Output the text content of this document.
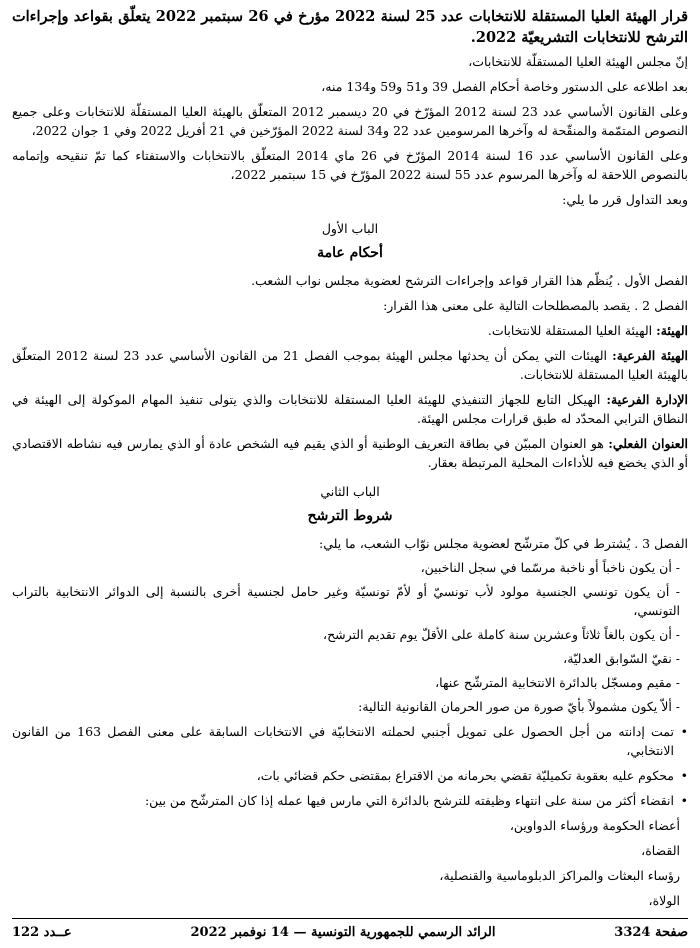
قرار الهيئة العليا المستقلة للانتخابات عدد 25 لسنة 2022 مؤرخ في 26 سبتمبر 2022 يتعلّق بقواعد وإجراءات الترشح للانتخابات التشريعيّة 2022.

إنّ مجلس الهيئة العليا المستقلّة للانتخابات،

بعد اطلاعه على الدستور وخاصة أحكام الفصل 39 و51 و59 و134 منه،

وعلى القانون الأساسي عدد 23 لسنة 2012 المؤرّخ في 20 ديسمبر 2012 المتعلّق بالهيئة العليا المستقلّة للانتخابات وعلى جميع النصوص المتمّمة والمنقّحة له وآخرها المرسومين عدد 22 و34 لسنة 2022 المؤرّخين في 21 أفريل 2022 وفي 1 جوان 2022،

وعلى القانون الأساسي عدد 16 لسنة 2014 المؤرّخ في 26 ماي 2014 المتعلّق بالانتخابات والاستفتاء كما تمّ تنقيحه وإتمامه بالنصوص اللاحقة له وآخرها المرسوم عدد 55 لسنة 2022 المؤرّخ في 15 سبتمبر 2022،

وبعد التداول قرر ما يلي:

الباب الأول

أحكام عامة

الفصل الأول . يُنظّم هذا القرار قواعد وإجراءات الترشح لعضوية مجلس نواب الشعب.

الفصل 2 . يقصد بالمصطلحات التالية على معنى هذا القرار:

الهيئة: الهيئة العليا المستقلة للانتخابات.

الهيئة الفرعية: الهيئات التي يمكن أن يحدثها مجلس الهيئة بموجب الفصل 21 من القانون الأساسي عدد 23 لسنة 2012 المتعلّق بالهيئة العليا المستقلة للانتخابات.

الإدارة الفرعية: الهيكل التابع للجهاز التنفيذي للهيئة العليا المستقلة للانتخابات والذي يتولى تنفيذ المهام الموكولة إلى الهيئة في النطاق الترابي المحدّد له طبق قرارات مجلس الهيئة.

العنوان الفعلي: هو العنوان المبيّن في بطاقة التعريف الوطنية أو الذي يقيم فيه الشخص عادة أو الذي يمارس فيه نشاطه الاقتصادي أو الذي يخضع فيه للأداءات المحلية المرتبطة بعقار.

الباب الثاني

شروط الترشح

الفصل 3 . يُشترط في كلّ مترشّح لعضوية مجلس نوّاب الشعب، ما يلي:

- أن يكون ناخباً أو ناخبة مرسّما في سجل الناخبين،

- أن يكون تونسي الجنسية مولود لأب تونسيّ أو لأمّ تونسيّة وغير حامل لجنسية أخرى بالنسبة إلى الدوائر الانتخابية بالتراب التونسي،

- أن يكون بالغاً ثلاثاً وعشرين سنة كاملة على الأقلّ يوم تقديم الترشح،

- نقيّ السّوابق العدليّة،

- مقيم ومسجّل بالدائرة الانتخابية المترشّح عنها،

- ألاّ يكون مشمولاً بأيّ صورة من صور الحرمان القانونية التالية:

•
تمت إدانته من أجل الحصول على تمويل أجنبي لحملته الانتخابيّة في الانتخابات السابقة على معنى الفصل 163 من القانون الانتخابي،

•
محكوم عليه بعقوبة تكميليّة تقضي بحرمانه من الاقتراع بمقتضى حكم قضائي بات،

•
انقضاء أكثر من سنة على انتهاء وظيفته للترشح بالدائرة التي مارس فيها عمله إذا كان المترشّح من بين:

أعضاء الحكومة ورؤساء الدواوين،

القضاة،

رؤساء البعثات والمراكز الدبلوماسية والقنصلية،

الولاة،

صفحة 3324
الرائد الرسمي للجمهورية التونسية — 14 نوفمبر 2022
عــدد 122
